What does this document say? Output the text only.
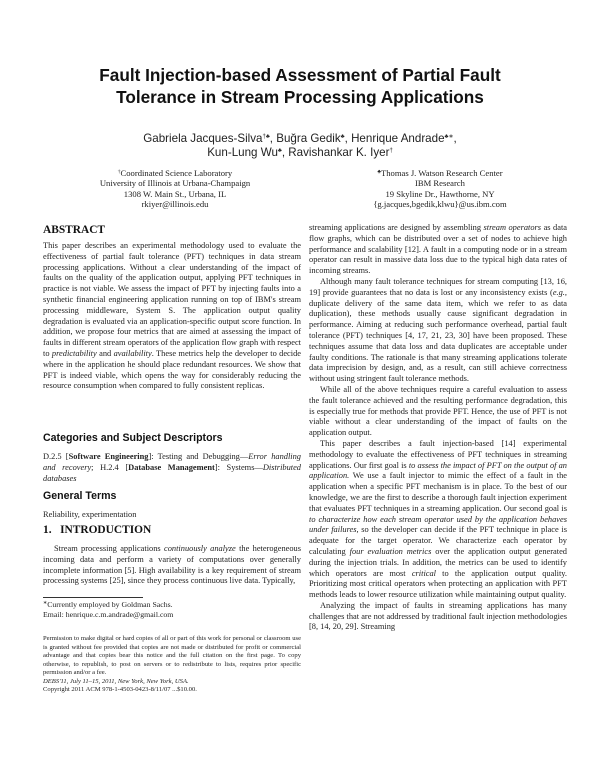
Fault Injection-based Assessment of Partial Fault
Tolerance in Stream Processing Applications
Gabriela Jacques-Silva†♣, Buğra Gedik♣, Henrique Andrade♣∗,
Kun-Lung Wu♣, Ravishankar K. Iyer†
†Coordinated Science Laboratory
University of Illinois at Urbana-Champaign
1308 W. Main St., Urbana, IL
rkiyer@illinois.edu
♣Thomas J. Watson Research Center
IBM Research
19 Skyline Dr., Hawthorne, NY
{g.jacques,bgedik,klwu}@us.ibm.com
ABSTRACT

This paper describes an experimental methodology used to evaluate the effectiveness of partial fault tolerance (PFT) techniques in data stream processing applications. Without a clear understanding of the impact of faults on the quality of the application output, applying PFT techniques in practice is not viable. We assess the impact of PFT by injecting faults into a synthetic financial engineering application running on top of IBM's stream processing middleware, System S. The application output quality degradation is evaluated via an application-specific output score function. In addition, we propose four metrics that are aimed at assessing the impact of faults in different stream operators of the application flow graph with respect to predictability and availability. These metrics help the developer to decide where in the application he should place redundant resources. We show that PFT is indeed viable, which opens the way for considerably reducing the resource consumption when compared to fully consistent replicas.

Categories and Subject Descriptors

D.2.5 [Software Engineering]: Testing and Debugging—Error handling and recovery; H.2.4 [Database Management]: Systems—Distributed databases

General Terms

Reliability, experimentation

1.   INTRODUCTION

Stream processing applications continuously analyze the heterogeneous incoming data and perform a variety of computations over generally incomplete information [5]. High availability is a key requirement of stream processing systems [25], since they process continuous live data. Typically,

∗Currently employed by Goldman Sachs.
Email: henrique.c.m.andrade@gmail.com

Permission to make digital or hard copies of all or part of this work for personal or classroom use is granted without fee provided that copies are not made or distributed for profit or commercial advantage and that copies bear this notice and the full citation on the first page. To copy otherwise, to republish, to post on servers or to redistribute to lists, requires prior specific permission and/or a fee.

DEBS'11, July 11–15, 2011, New York, New York, USA.

Copyright 2011 ACM 978-1-4503-0423-8/11/07 ...$10.00.

streaming applications are designed by assembling stream operators as data flow graphs, which can be distributed over a set of nodes to achieve high performance and scalability [12]. A fault in a computing node or in a stream operator can result in massive data loss due to the typical high data rates of incoming streams.

Although many fault tolerance techniques for stream computing [13, 16, 19] provide guarantees that no data is lost or any inconsistency exists (e.g., duplicate delivery of the same data item, which we refer to as data duplication), these methods usually cause significant degradation in performance. Aiming at reducing such performance overhead, partial fault tolerance (PFT) techniques [4, 17, 21, 23, 30] have been proposed. These techniques assume that data loss and data duplicates are acceptable under faulty conditions. The rationale is that many streaming applications tolerate data imprecision by design, and, as a result, can still achieve correctness without using stringent fault tolerance methods.

While all of the above techniques require a careful evaluation to assess the fault tolerance achieved and the resulting performance degradation, this is especially true for methods that provide PFT. Hence, the use of PFT is not viable without a clear understanding of the impact of faults on the application output.

This paper describes a fault injection-based [14] experimental methodology to evaluate the effectiveness of PFT techniques in streaming applications. Our first goal is to assess the impact of PFT on the output of an application. We use a fault injector to mimic the effect of a fault in the application when a specific PFT mechanism is in place. To the best of our knowledge, we are the first to describe a thorough fault injection experiment that evaluates PFT techniques in a streaming application. Our second goal is to characterize how each stream operator used by the application behaves under failures, so the developer can decide if the PFT technique in place is adequate for the target operator. We characterize each operator by calculating four evaluation metrics over the application output generated during the injection trials. In addition, the metrics can be used to identify which operators are most critical to the application output quality. Prioritizing most critical operators when protecting an application with PFT methods leads to lower resource utilization while maintaining output quality.

Analyzing the impact of faults in streaming applications has many challenges that are not addressed by traditional fault injection methodologies [8, 14, 20, 29]. Streaming
